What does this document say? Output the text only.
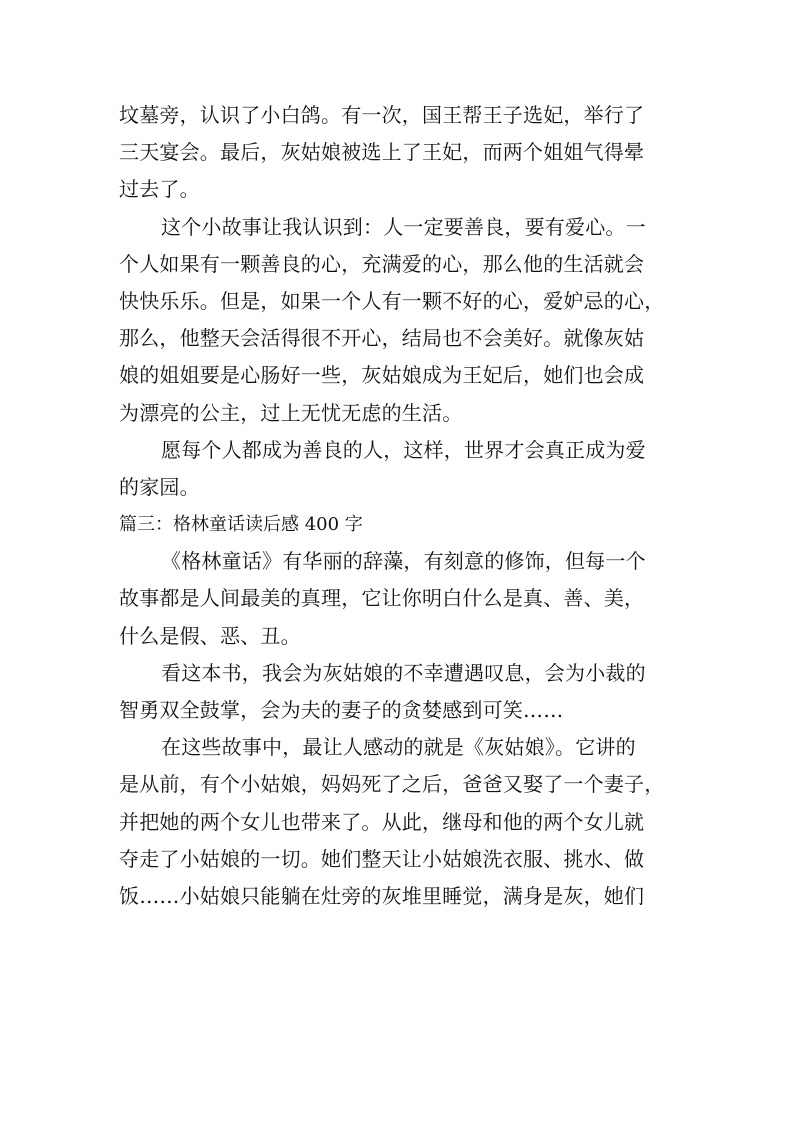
坟墓旁，认识了小白鸽。有一次，国王帮王子选妃，举行了
三天宴会。最后，灰姑娘被选上了王妃，而两个姐姐气得晕
过去了。
这个小故事让我认识到：人一定要善良，要有爱心。一
个人如果有一颗善良的心，充满爱的心，那么他的生活就会
快快乐乐。但是，如果一个人有一颗不好的心，爱妒忌的心，
那么，他整天会活得很不开心，结局也不会美好。就像灰姑
娘的姐姐要是心肠好一些，灰姑娘成为王妃后，她们也会成
为漂亮的公主，过上无忧无虑的生活。
愿每个人都成为善良的人，这样，世界才会真正成为爱
的家园。
篇三：格林童话读后感 400 字
《格林童话》有华丽的辞藻，有刻意的修饰，但每一个
故事都是人间最美的真理，它让你明白什么是真、善、美，
什么是假、恶、丑。
看这本书，我会为灰姑娘的不幸遭遇叹息，会为小裁的
智勇双全鼓掌，会为夫的妻子的贪婪感到可笑……
在这些故事中，最让人感动的就是《灰姑娘》。它讲的
是从前，有个小姑娘，妈妈死了之后，爸爸又娶了一个妻子，
并把她的两个女儿也带来了。从此，继母和他的两个女儿就
夺走了小姑娘的一切。她们整天让小姑娘洗衣服、挑水、做
饭……小姑娘只能躺在灶旁的灰堆里睡觉，满身是灰，她们
